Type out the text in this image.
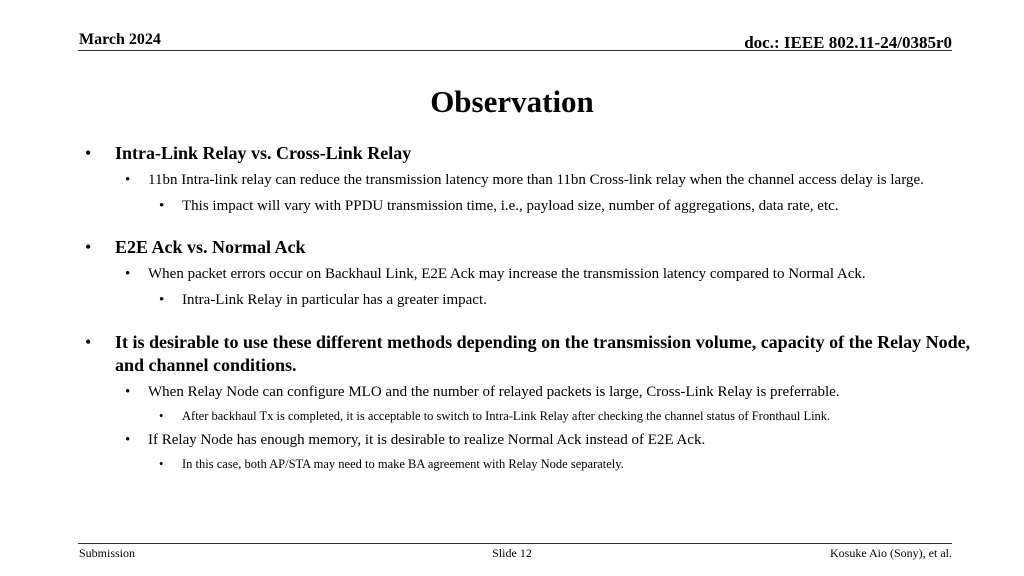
March 2024	doc.: IEEE 802.11-24/0385r0
Observation
• Intra-Link Relay vs. Cross-Link Relay
• 11bn Intra-link relay can reduce the transmission latency more than 11bn Cross-link relay when the channel access delay is large.
• This impact will vary with PPDU transmission time, i.e., payload size, number of aggregations, data rate, etc.
• E2E Ack vs. Normal Ack
• When packet errors occur on Backhaul Link, E2E Ack may increase the transmission latency compared to Normal Ack.
• Intra-Link Relay in particular has a greater impact.
• It is desirable to use these different methods depending on the transmission volume, capacity of the Relay Node, and channel conditions.
• When Relay Node can configure MLO and the number of relayed packets is large, Cross-Link Relay is preferrable.
• After backhaul Tx is completed, it is acceptable to switch to Intra-Link Relay after checking the channel status of Fronthaul Link.
• If Relay Node has enough memory, it is desirable to realize Normal Ack instead of E2E Ack.
• In this case, both AP/STA may need to make BA agreement with Relay Node separately.
Submission	Slide 12	Kosuke Aio (Sony), et al.
